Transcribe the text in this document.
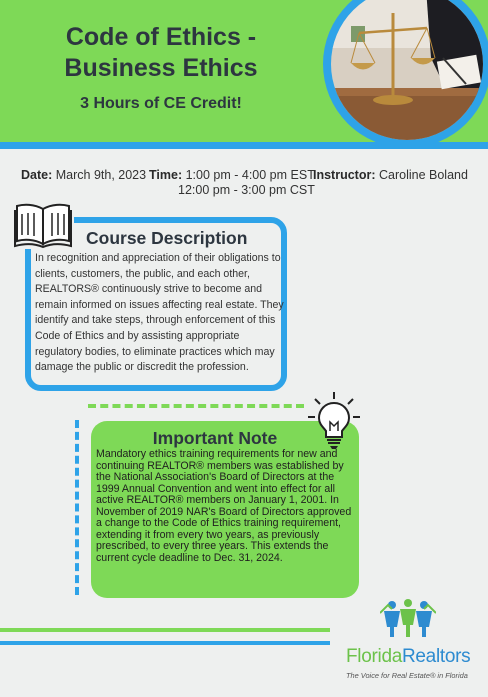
Code of Ethics -
Business Ethics
3 Hours of CE Credit!
Date: March 9th, 2023 Time: 1:00 pm - 4:00 pm EST
12:00 pm - 3:00 pm CST
Instructor: Caroline Boland
Course Description
In recognition and appreciation of their obligations to clients, customers, the public, and each other, REALTORS® continuously strive to become and remain informed on issues affecting real estate. They identify and take steps, through enforcement of this Code of Ethics and by assisting appropriate regulatory bodies, to eliminate practices which may damage the public or discredit the profession.
Important Note
Mandatory ethics training requirements for new and continuing REALTOR® members was established by the National Association's Board of Directors at the 1999 Annual Convention and went into effect for all active REALTOR® members on January 1, 2001. In November of 2019 NAR's Board of Directors approved a change to the Code of Ethics training requirement, extending it from every two years, as previously prescribed, to every three years. This extends the current cycle deadline to Dec. 31, 2024.
FloridaRealtors
The Voice for Real Estate® in Florida
